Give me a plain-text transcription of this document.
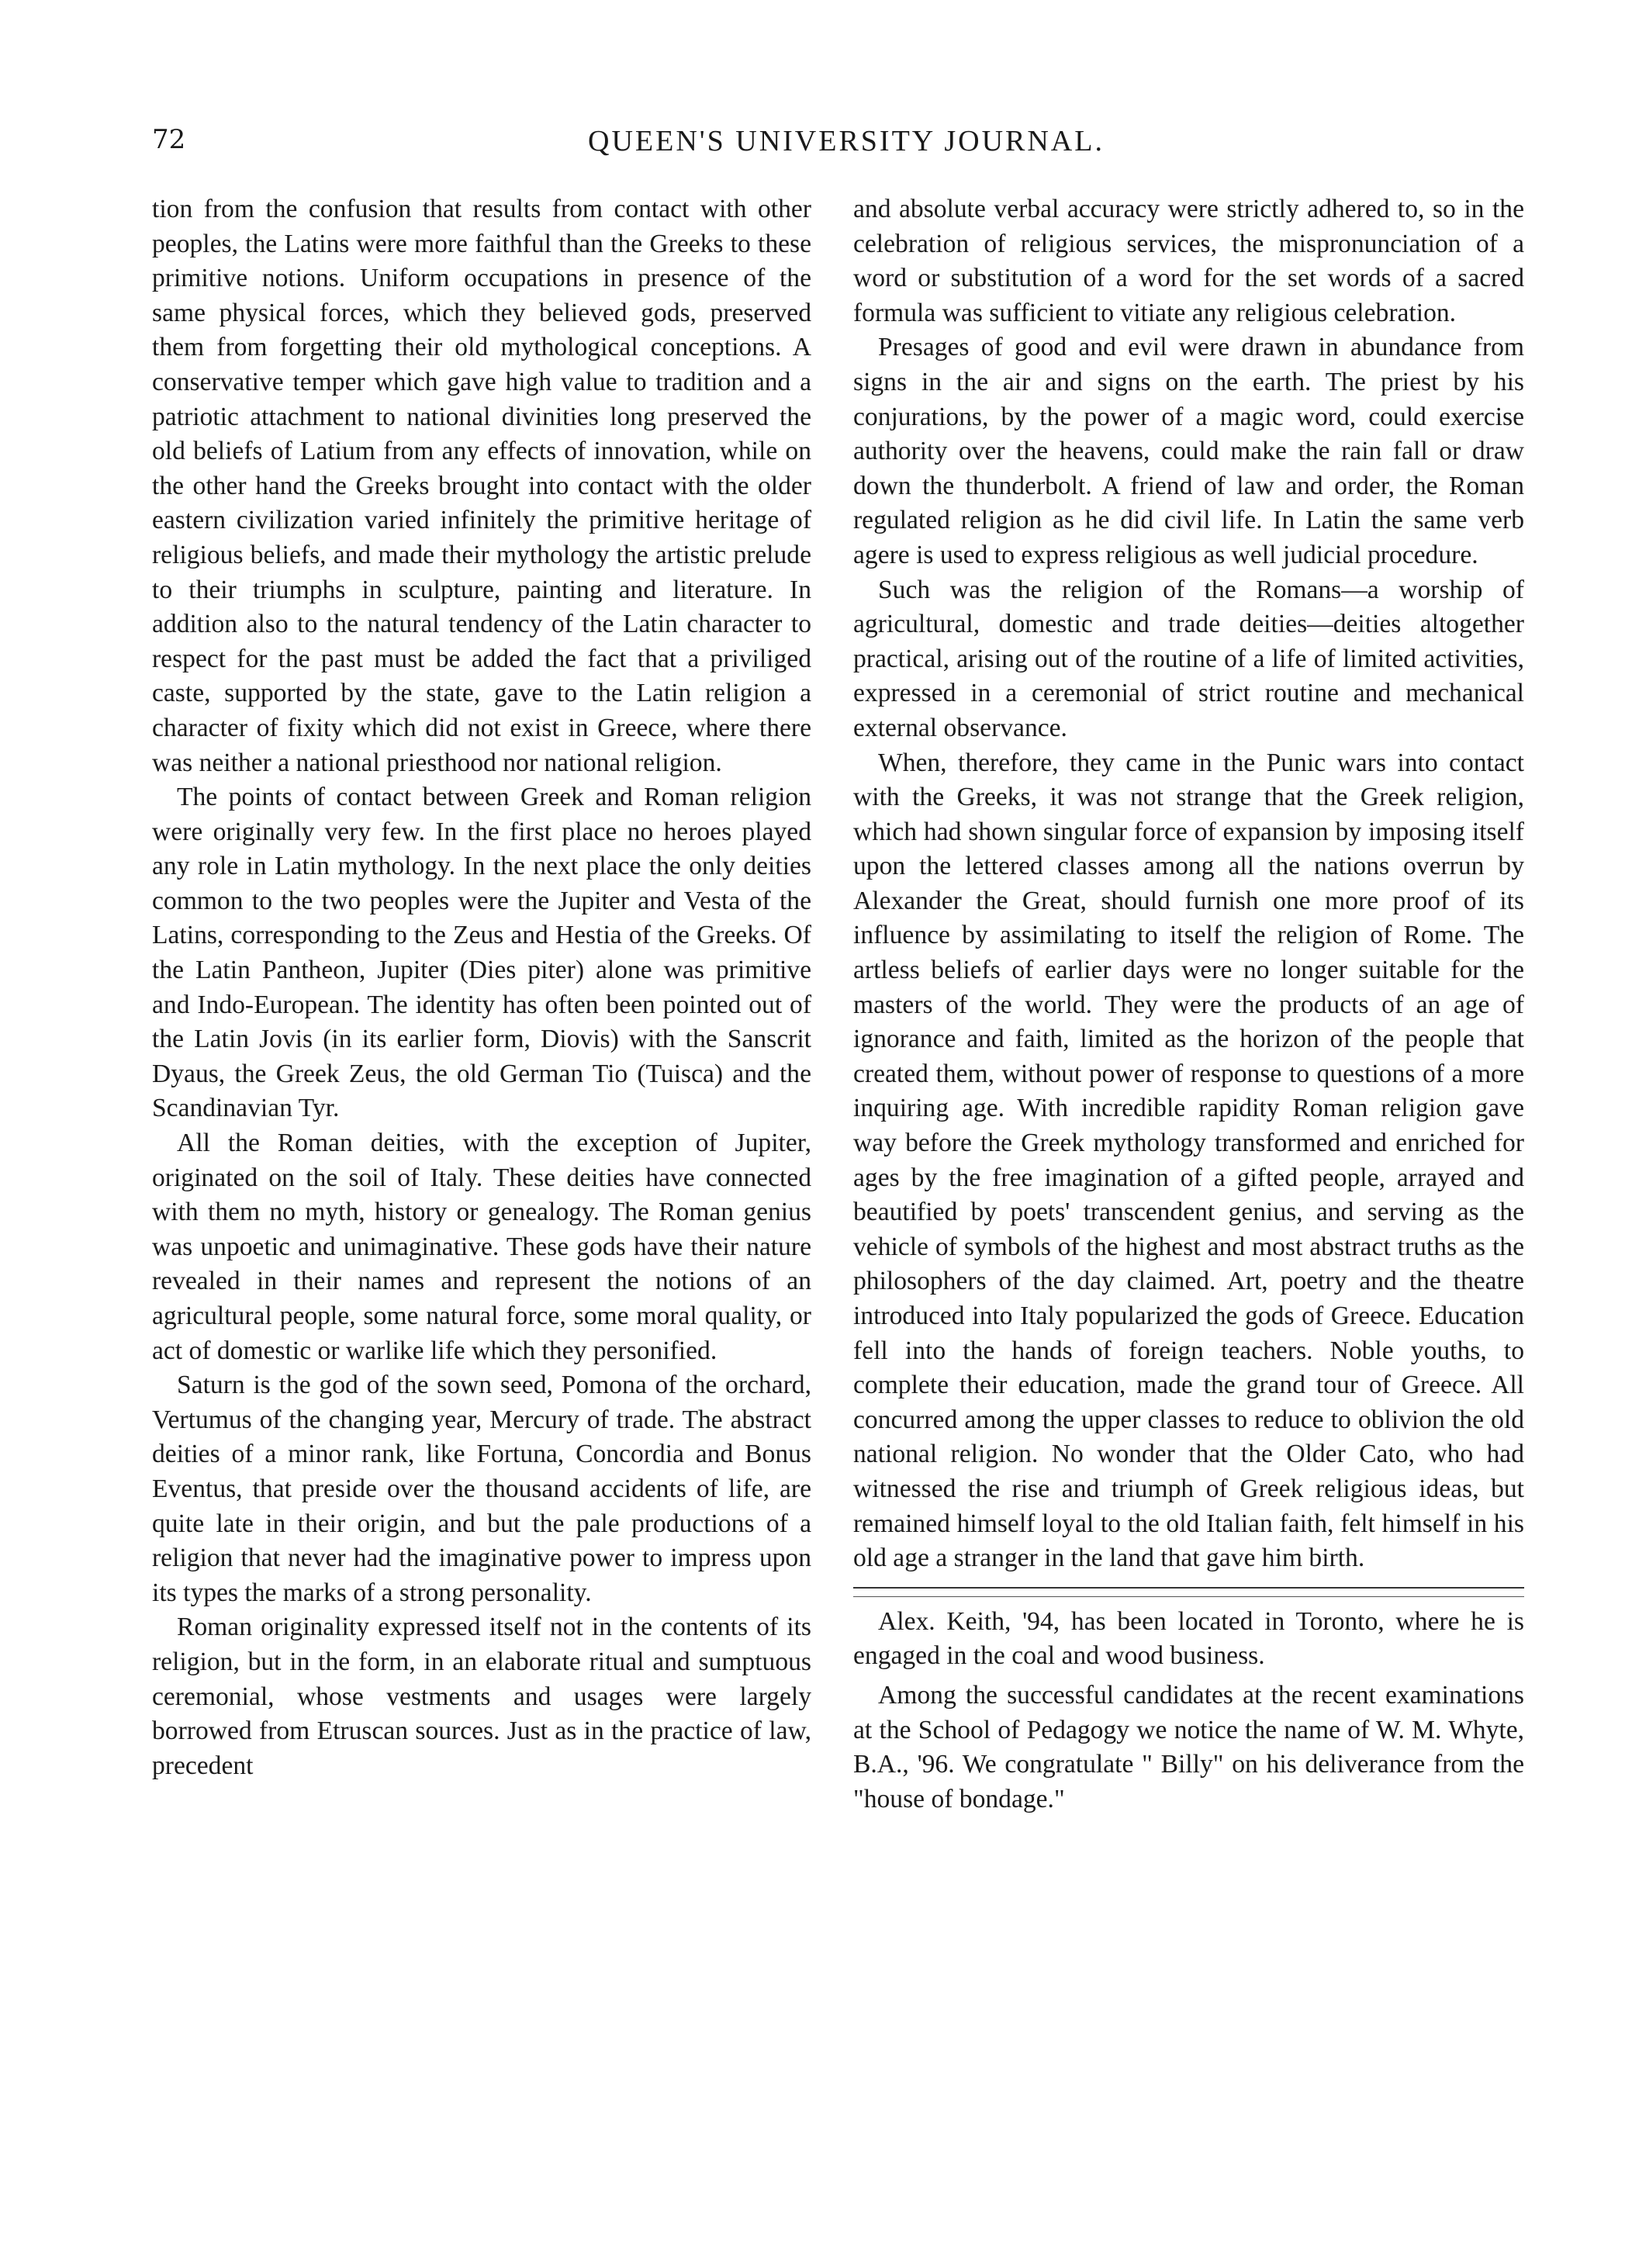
72	QUEEN'S UNIVERSITY JOURNAL.

tion from the confusion that results from contact with other peoples, the Latins were more faithful than the Greeks to these primitive notions. Uniform occupations in presence of the same physical forces, which they believed gods, preserved them from forgetting their old mythological conceptions. A conservative temper which gave high value to tradition and a patriotic attachment to national divinities long preserved the old beliefs of Latium from any effects of innovation, while on the other hand the Greeks brought into contact with the older eastern civilization varied infinitely the primitive heritage of religious beliefs, and made their mythology the artistic prelude to their triumphs in sculpture, painting and literature. In addition also to the natural tendency of the Latin character to respect for the past must be added the fact that a priviliged caste, supported by the state, gave to the Latin religion a character of fixity which did not exist in Greece, where there was neither a national priesthood nor national religion.

The points of contact between Greek and Roman religion were originally very few. In the first place no heroes played any role in Latin mythology. In the next place the only deities common to the two peoples were the Jupiter and Vesta of the Latins, corresponding to the Zeus and Hestia of the Greeks. Of the Latin Pantheon, Jupiter (Dies piter) alone was primitive and Indo-European. The identity has often been pointed out of the Latin Jovis (in its earlier form, Diovis) with the Sanscrit Dyaus, the Greek Zeus, the old German Tio (Tuisca) and the Scandinavian Tyr.

All the Roman deities, with the exception of Jupiter, originated on the soil of Italy. These deities have connected with them no myth, history or genealogy. The Roman genius was unpoetic and unimaginative. These gods have their nature revealed in their names and represent the notions of an agricultural people, some natural force, some moral quality, or act of domestic or warlike life which they personified.

Saturn is the god of the sown seed, Pomona of the orchard, Vertumus of the changing year, Mercury of trade. The abstract deities of a minor rank, like Fortuna, Concordia and Bonus Eventus, that preside over the thousand accidents of life, are quite late in their origin, and but the pale productions of a religion that never had the imaginative power to impress upon its types the marks of a strong personality.

Roman originality expressed itself not in the contents of its religion, but in the form, in an elaborate ritual and sumptuous ceremonial, whose vestments and usages were largely borrowed from Etruscan sources. Just as in the practice of law, precedent

and absolute verbal accuracy were strictly adhered to, so in the celebration of religious services, the mispronunciation of a word or substitution of a word for the set words of a sacred formula was sufficient to vitiate any religious celebration.

Presages of good and evil were drawn in abundance from signs in the air and signs on the earth. The priest by his conjurations, by the power of a magic word, could exercise authority over the heavens, could make the rain fall or draw down the thunderbolt. A friend of law and order, the Roman regulated religion as he did civil life. In Latin the same verb agere is used to express religious as well judicial procedure.

Such was the religion of the Romans—a worship of agricultural, domestic and trade deities—deities altogether practical, arising out of the routine of a life of limited activities, expressed in a ceremonial of strict routine and mechanical external observance.

When, therefore, they came in the Punic wars into contact with the Greeks, it was not strange that the Greek religion, which had shown singular force of expansion by imposing itself upon the lettered classes among all the nations overrun by Alexander the Great, should furnish one more proof of its influence by assimilating to itself the religion of Rome. The artless beliefs of earlier days were no longer suitable for the masters of the world. They were the products of an age of ignorance and faith, limited as the horizon of the people that created them, without power of response to questions of a more inquiring age. With incredible rapidity Roman religion gave way before the Greek mythology transformed and enriched for ages by the free imagination of a gifted people, arrayed and beautified by poets' transcendent genius, and serving as the vehicle of symbols of the highest and most abstract truths as the philosophers of the day claimed. Art, poetry and the theatre introduced into Italy popularized the gods of Greece. Education fell into the hands of foreign teachers. Noble youths, to complete their education, made the grand tour of Greece. All concurred among the upper classes to reduce to oblivion the old national religion. No wonder that the Older Cato, who had witnessed the rise and triumph of Greek religious ideas, but remained himself loyal to the old Italian faith, felt himself in his old age a stranger in the land that gave him birth.

Alex. Keith, '94, has been located in Toronto, where he is engaged in the coal and wood business.

Among the successful candidates at the recent examinations at the School of Pedagogy we notice the name of W. M. Whyte, B.A., '96. We congratulate " Billy" on his deliverance from the "house of bondage."
